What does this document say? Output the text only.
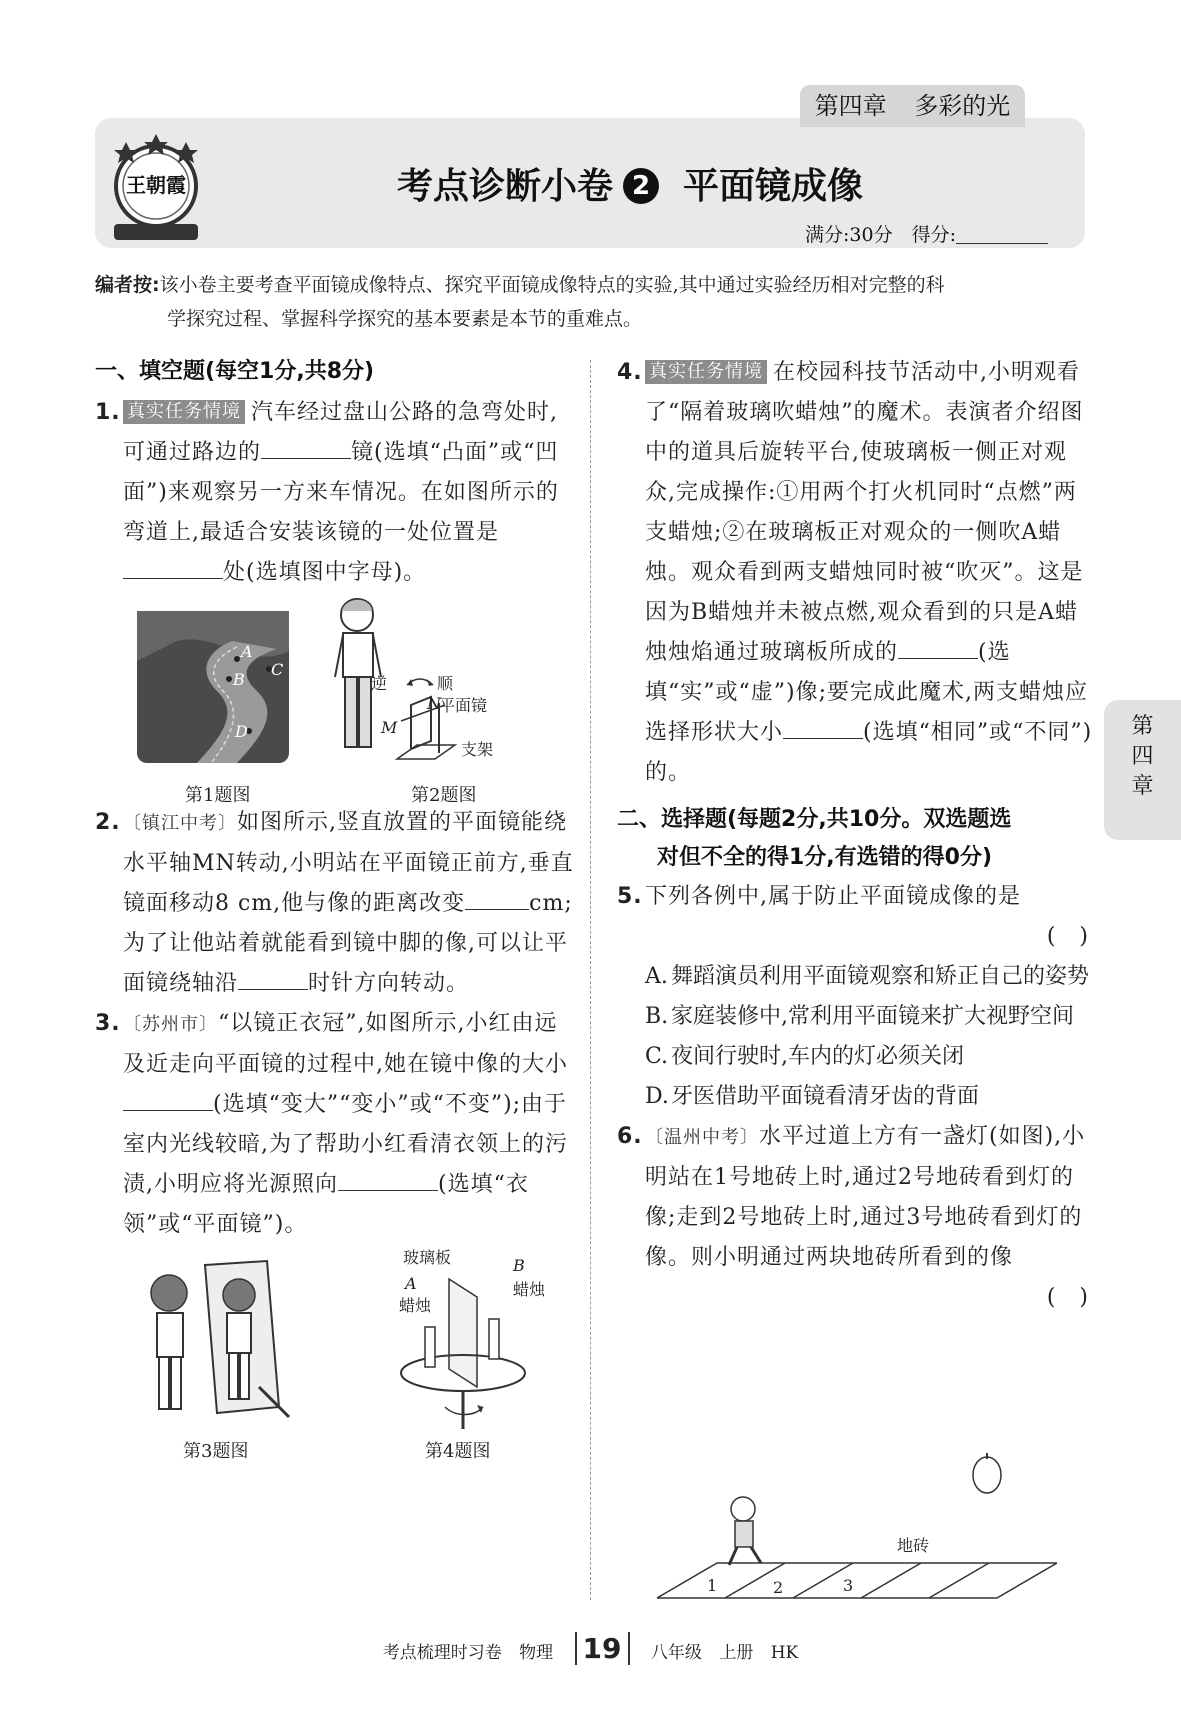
第四章 多彩的光
王朝霞	考点诊断小卷 2 平面镜成像
满分:30分　得分:
编者按:该小卷主要考查平面镜成像特点、探究平面镜成像特点的实验,其中通过实验经历相对完整的科
学探究过程、掌握科学探究的基本要素是本节的重难点。
一、填空题(每空1分,共8分)
1. 真实任务情境 汽车经过盘山公路的急弯处时,可通过路边的	镜(选填“凸面”或“凹面”)来观察另一方来车情况。在如图所示的弯道上,最适合安装该镜的一处位置是处(选填图中字母)。

A
B
C
D
第1题图
逆	顺
平面镜
支架
M
N
第2题图
2. 〔镇江中考〕如图所示,竖直放置的平面镜能绕水平轴MN转动,小明站在平面镜正前方,垂直镜面移动8 cm,他与像的距离改变	cm;为了让他站着就能看到镜中脚的像,可以让平面镜绕轴沿	时针方向转动。

3. 〔苏州市〕“以镜正衣冠”,如图所示,小红由远及近走向平面镜的过程中,她在镜中像的大小(选填“变大”“变小”或“不变”);由于室内光线较暗,为了帮助小红看清衣领上的污渍,小明应将光源照向	(选填“衣领”或“平面镜”)。

第3题图
玻璃板	B
A
蜡烛
蜡烛
第4题图
4. 真实任务情境 在校园科技节活动中,小明观看了“隔着玻璃吹蜡烛”的魔术。表演者介绍图中的道具后旋转平台,使玻璃板一侧正对观众,完成操作:①用两个打火机同时“点燃”两支蜡烛;②在玻璃板正对观众的一侧吹A蜡烛。观众看到两支蜡烛同时被“吹灭”。这是因为B蜡烛并未被点燃,观众看到的只是A蜡烛烛焰通过玻璃板所成的	(选填“实”或“虚”)像;要完成此魔术,两支蜡烛应选择形状大小	(选填“相同”或“不同”)的。

二、选择题(每题2分,共10分。双选题选
对但不全的得1分,有选错的得0分)
5. 下列各例中,属于防止平面镜成像的是

(　)

A. 舞蹈演员利用平面镜观察和矫正自己的姿势
B. 家庭装修中,常利用平面镜来扩大视野空间
C. 夜间行驶时,车内的灯必须关闭
D.牙医借助平面镜看清牙齿的背面
6. 〔温州中考〕水平过道上方有一盏灯(如图),小明站在1号地砖上时,通过2号地砖看到灯的像;走到2号地砖上时,通过3号地砖看到灯的像。则小明通过两块地砖所看到的像

(　)

1	2	3
地砖
第
四
章
考点梳理时习卷 物理 19 八年级 上册 HK
